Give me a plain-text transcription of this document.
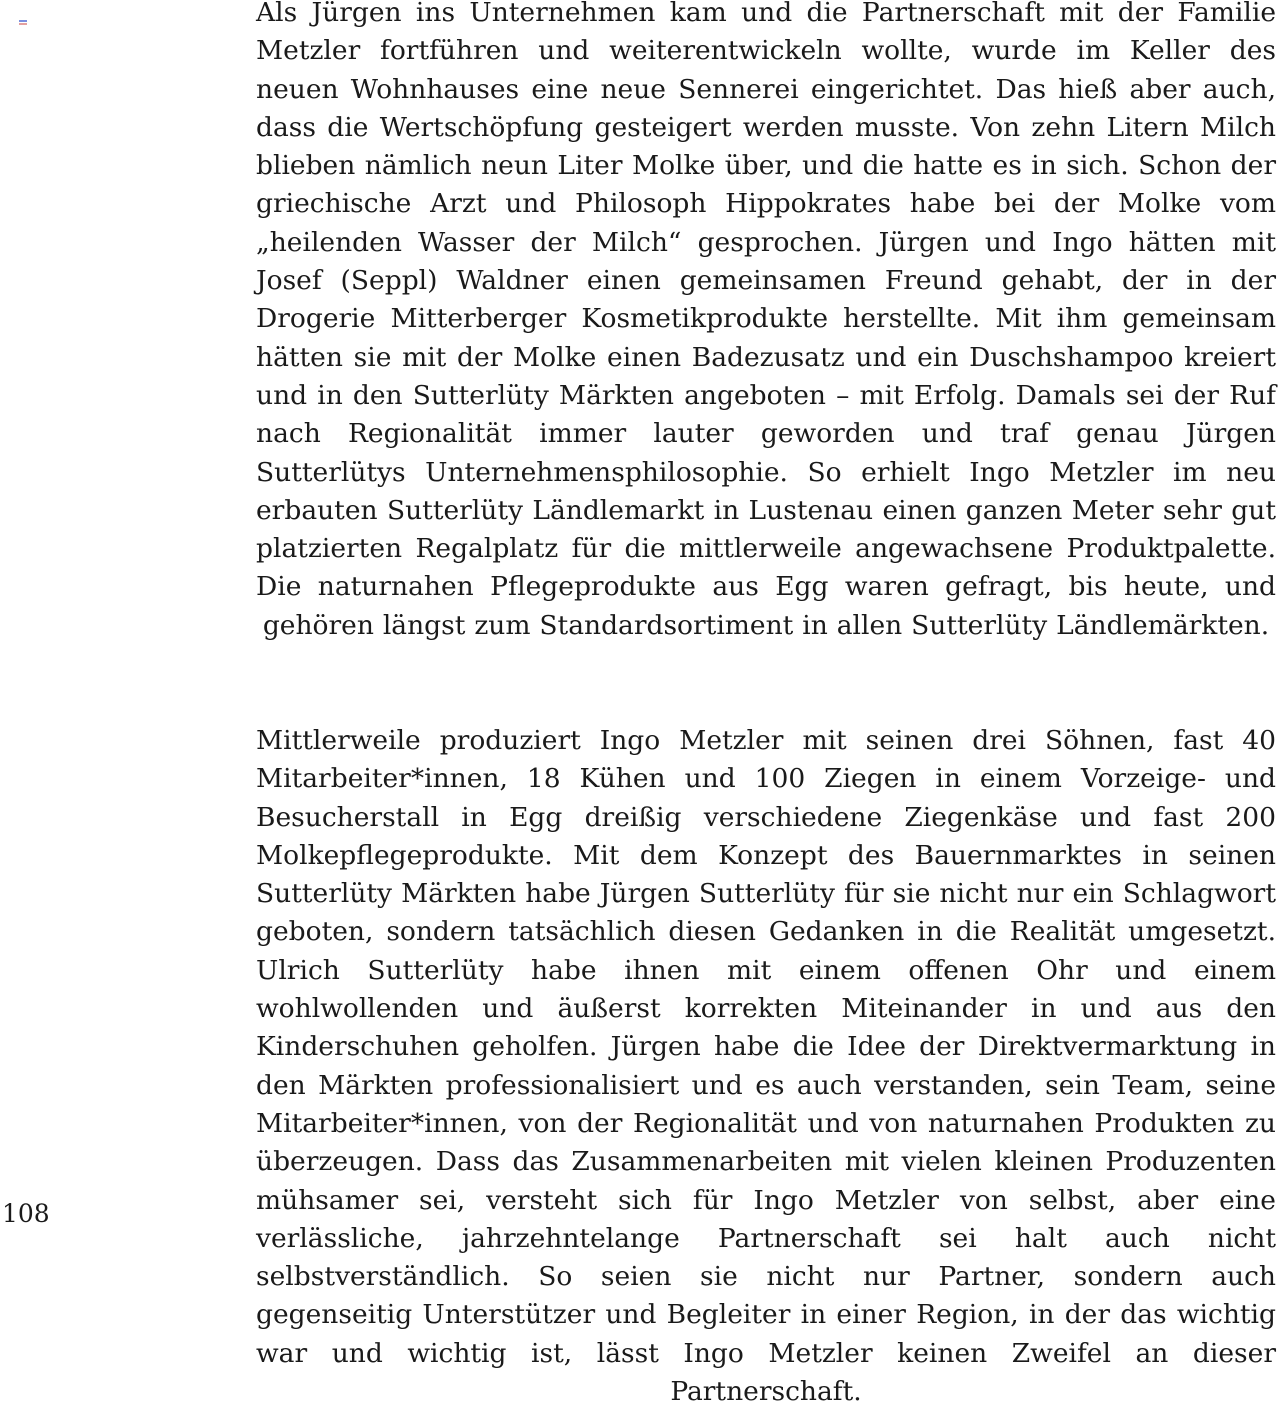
Als Jürgen ins Unternehmen kam und die Partnerschaft mit der Familie Metzler fortführen und weiterentwickeln wollte, wurde im Keller des neuen Wohnhauses eine neue Sennerei eingerichtet. Das hieß aber auch, dass die Wertschöpfung gesteigert werden musste. Von zehn Litern Milch blieben nämlich neun Liter Molke über, und die hatte es in sich. Schon der griechische Arzt und Philosoph Hippokrates habe bei der Molke vom „heilenden Wasser der Milch“ gesprochen. Jürgen und Ingo hätten mit Josef (Seppl) Waldner einen gemeinsamen Freund gehabt, der in der Drogerie Mitterberger Kosmetikprodukte herstellte. Mit ihm gemeinsam hätten sie mit der Molke einen Badezusatz und ein Duschshampoo kreiert und in den Sutterlüty Märkten angeboten – mit Erfolg. Damals sei der Ruf nach Regionalität immer lauter geworden und traf genau Jürgen Sutterlütys Unternehmensphilosophie. So erhielt Ingo Metzler im neu erbauten Sutterlüty Ländlemarkt in Lustenau einen ganzen Meter sehr gut platzierten Regalplatz für die mittlerweile angewachsene Produktpalette. Die naturnahen Pflegeprodukte aus Egg waren gefragt, bis heute, und gehören längst zum Standardsortiment in allen Sutterlüty Ländlemärkten.

Mittlerweile produziert Ingo Metzler mit seinen drei Söhnen, fast 40 Mitarbeiter*innen, 18 Kühen und 100 Ziegen in einem Vorzeige- und Besucherstall in Egg dreißig verschiedene Ziegenkäse und fast 200 Molkepflegeprodukte. Mit dem Konzept des Bauernmarktes in seinen Sutterlüty Märkten habe Jürgen Sutterlüty für sie nicht nur ein Schlagwort geboten, sondern tatsächlich diesen Gedanken in die Realität umgesetzt. Ulrich Sutterlüty habe ihnen mit einem offenen Ohr und einem wohlwollenden und äußerst korrekten Miteinander in und aus den Kinderschuhen geholfen. Jürgen habe die Idee der Direktvermarktung in den Märkten professionalisiert und es auch verstanden, sein Team, seine Mitarbeiter*innen, von der Regionalität und von naturnahen Produkten zu überzeugen. Dass das Zusammenarbeiten mit vielen kleinen Produzenten mühsamer sei, versteht sich für Ingo Metzler von selbst, aber eine verlässliche, jahrzehntelange Partnerschaft sei halt auch nicht selbstverständlich. So seien sie nicht nur Partner, sondern auch gegenseitig Unterstützer und Begleiter in einer Region, in der das wichtig war und wichtig ist, lässt Ingo Metzler keinen Zweifel an dieser Partnerschaft.

108
